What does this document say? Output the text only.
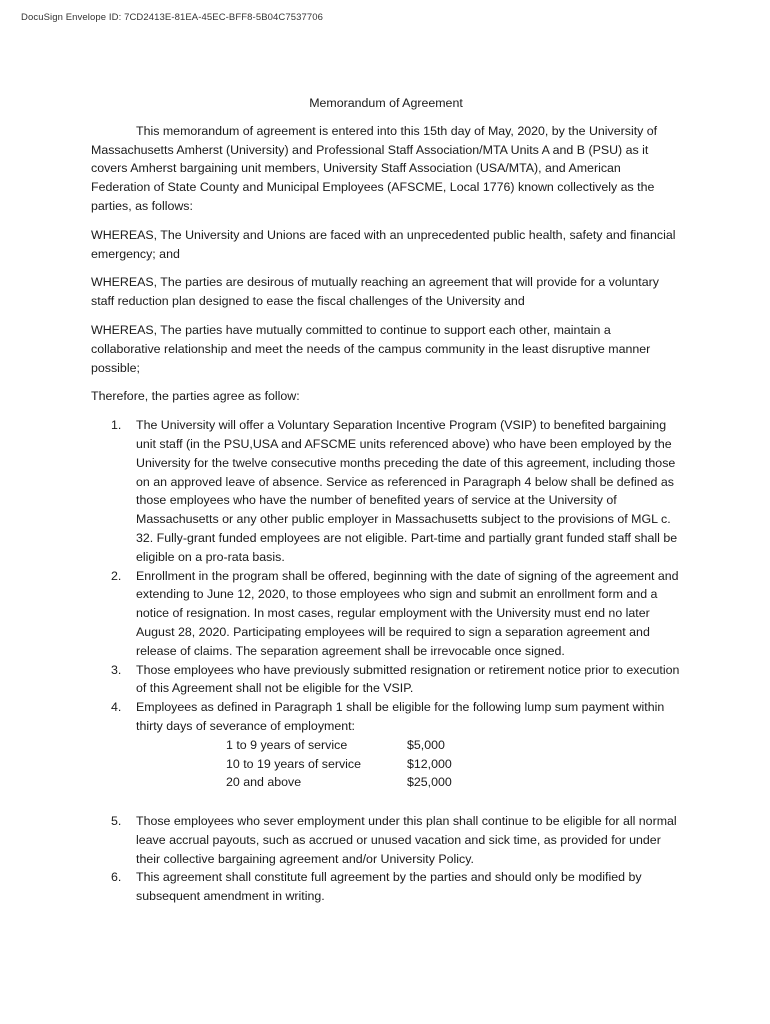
DocuSign Envelope ID: 7CD2413E-81EA-45EC-BFF8-5B04C7537706
Memorandum of Agreement

This memorandum of agreement is entered into this 15th day of May, 2020, by the University of Massachusetts Amherst (University) and Professional Staff Association/MTA Units A and B (PSU) as it covers Amherst bargaining unit members, University Staff Association (USA/MTA), and American Federation of State County and Municipal Employees (AFSCME, Local 1776) known collectively as the parties, as follows:

WHEREAS, The University and Unions are faced with an unprecedented public health, safety and financial emergency; and

WHEREAS, The parties are desirous of mutually reaching an agreement that will provide for a voluntary staff reduction plan designed to ease the fiscal challenges of the University and

WHEREAS, The parties have mutually committed to continue to support each other, maintain a collaborative relationship and meet the needs of the campus community in the least disruptive manner possible;

Therefore, the parties agree as follow:

1. The University will offer a Voluntary Separation Incentive Program (VSIP) to benefited bargaining unit staff (in the PSU,USA and AFSCME units referenced above) who have been employed by the University for the twelve consecutive months preceding the date of this agreement, including those on an approved leave of absence. Service as referenced in Paragraph 4 below shall be defined as those employees who have the number of benefited years of service at the University of Massachusetts or any other public employer in Massachusetts subject to the provisions of MGL c. 32. Fully-grant funded employees are not eligible. Part-time and partially grant funded staff shall be eligible on a pro-rata basis.
2. Enrollment in the program shall be offered, beginning with the date of signing of the agreement and extending to June 12, 2020, to those employees who sign and submit an enrollment form and a notice of resignation. In most cases, regular employment with the University must end no later August 28, 2020. Participating employees will be required to sign a separation agreement and release of claims. The separation agreement shall be irrevocable once signed.
3. Those employees who have previously submitted resignation or retirement notice prior to execution of this Agreement shall not be eligible for the VSIP.
4. Employees as defined in Paragraph 1 shall be eligible for the following lump sum payment within thirty days of severance of employment:
1 to 9 years of service	$5,000
10 to 19 years of service	$12,000
20 and above	$25,000
5. Those employees who sever employment under this plan shall continue to be eligible for all normal leave accrual payouts, such as accrued or unused vacation and sick time, as provided for under their collective bargaining agreement and/or University Policy.
6. This agreement shall constitute full agreement by the parties and should only be modified by subsequent amendment in writing.
